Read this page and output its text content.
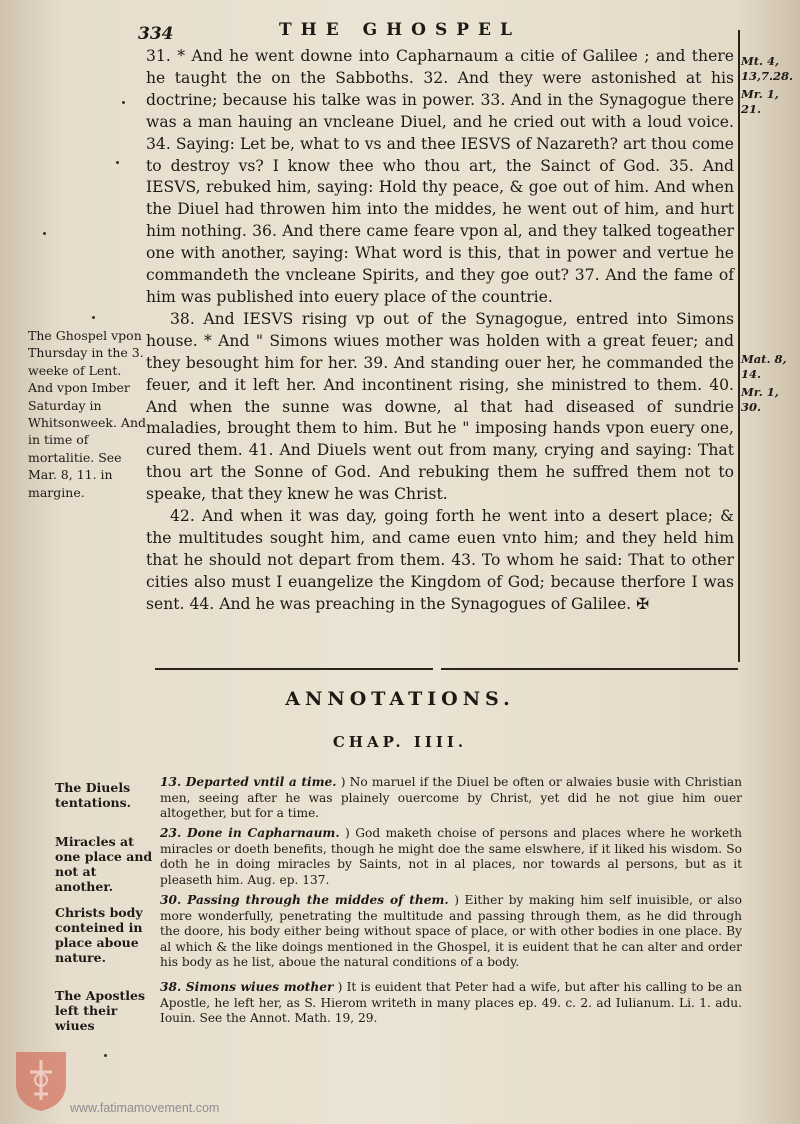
334	THE GHOSPEL

31. * And he went downe into Capharnaum a citie of Galilee ; and there he taught the on the Sabboths. 32. And they were astonished at his doctrine; because his talke was in power. 33. And in the Synagogue there was a man hauing an vncleane Diuel, and he cried out with a loud voice. 34. Saying: Let be, what to vs and thee IESVS of Nazareth? art thou come to destroy vs? I know thee who thou art, the Sainct of God. 35. And IESVS, rebuked him, saying: Hold thy peace, & goe out of him. And when the Diuel had throwen him into the middes, he went out of him, and hurt him nothing. 36. And there came feare vpon al, and they talked togeather one with another, saying: What word is this, that in power and vertue he commandeth the vncleane Spirits, and they goe out? 37. And the fame of him was published into euery place of the countrie.

38. And IESVS rising vp out of the Synagogue, entred into Simons house. * And " Simons wiues mother was holden with a great feuer; and they besought him for her. 39. And standing ouer her, he commanded the feuer, and it left her. And incontinent rising, she ministred to them. 40. And when the sunne was downe, al that had diseased of sundrie maladies, brought them to him. But he " imposing hands vpon euery one, cured them. 41. And Diuels went out from many, crying and saying: That thou art the Sonne of God. And rebuking them he suffred them not to speake, that they knew he was Christ.

42. And when it was day, going forth he went into a desert place; & the multitudes sought him, and came euen vnto him; and they held him that he should not depart from them. 43. To whom he said: That to other cities also must I euangelize the Kingdom of God; because therfore I was sent. 44. And he was preaching in the Synagogues of Galilee. ✠

The Ghospel vpon Thursday in the 3. weeke of Lent. And vpon Imber Saturday in Whitsonweek. And in time of mortalitie. See Mar. 8, 11. in margine.
Mt. 4, 13,7.28.
Mr. 1, 21.
Mat. 8, 14.
Mr. 1, 30.
ANNOTATIONS.
CHAP. IIII.
The Diuels tentations.
13. Departed vntil a time. ) No maruel if the Diuel be often or alwaies busie with Christian men, seeing after he was plainely ouercome by Christ, yet did he not giue him ouer altogether, but for a time.
Miracles at one place and not at another.
23. Done in Capharnaum. ) God maketh choise of persons and places where he worketh miracles or doeth benefits, though he might doe the same elswhere, if it liked his wisdom. So doth he in doing miracles by Saints, not in al places, nor towards al persons, but as it pleaseth him. Aug. ep. 137.
Christs body conteined in place aboue nature.
30. Passing through the middes of them. ) Either by making him self inuisible, or also more wonderfully, penetrating the multitude and passing through them, as he did through the doore, his body either being without space of place, or with other bodies in one place. By al which & the like doings mentioned in the Ghospel, it is euident that he can alter and order his body as he list, aboue the natural conditions of a body.
The Apostles left their wiues
38. Simons wiues mother ) It is euident that Peter had a wife, but after his calling to be an Apostle, he left her, as S. Hierom writeth in many places ep. 49. c. 2. ad Iulianum. Li. 1. adu. Iouin. See the Annot. Math. 19, 29.
www.fatimamovement.com
